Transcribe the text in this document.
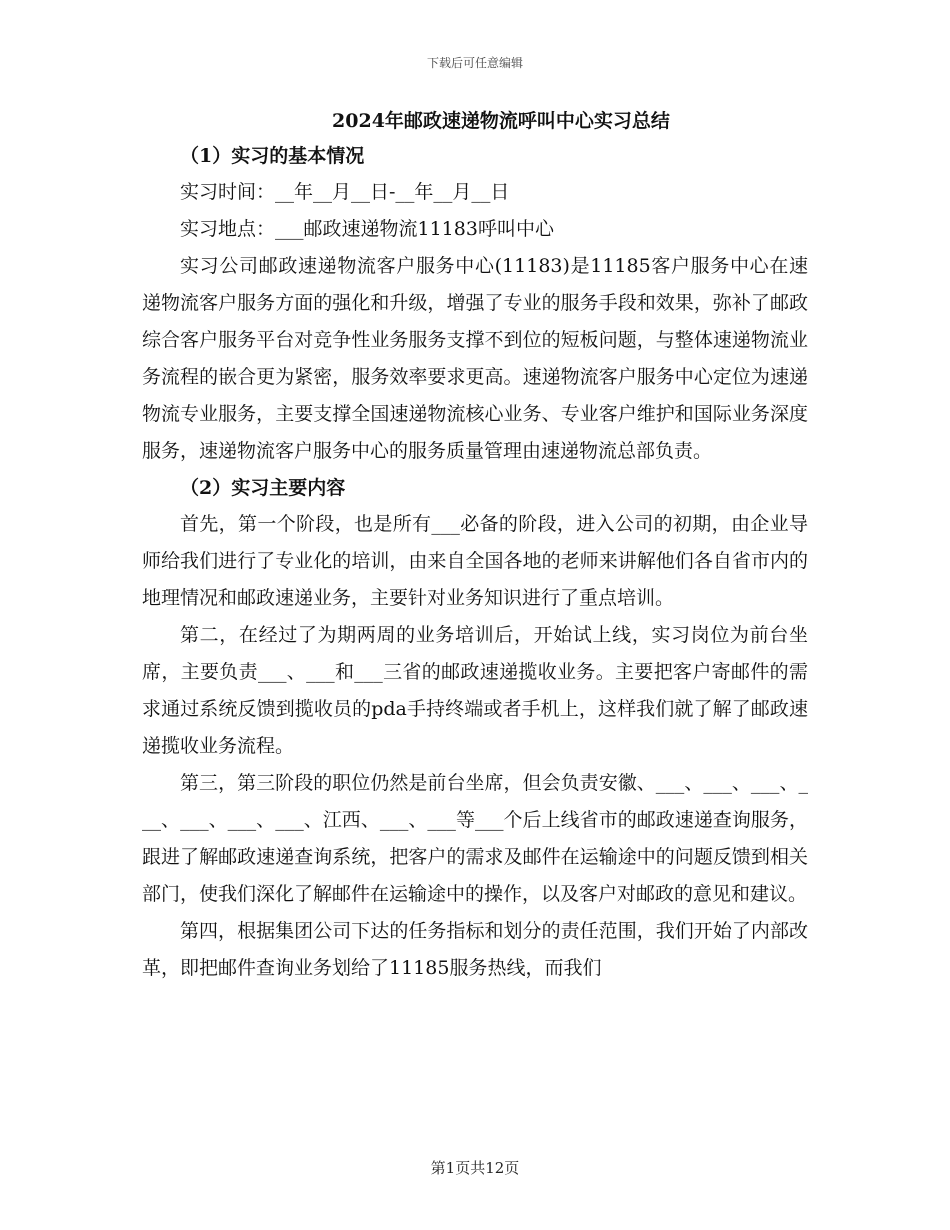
下载后可任意编辑

2024年邮政速递物流呼叫中心实习总结

（1）实习的基本情况

实习时间：__年__月__日-__年__月__日

实习地点：___邮政速递物流11183呼叫中心

实习公司邮政速递物流客户服务中心(11183)是11185客户服务中心在速递物流客户服务方面的强化和升级，增强了专业的服务手段和效果，弥补了邮政综合客户服务平台对竞争性业务服务支撑不到位的短板问题，与整体速递物流业务流程的嵌合更为紧密，服务效率要求更高。速递物流客户服务中心定位为速递物流专业服务，主要支撑全国速递物流核心业务、专业客户维护和国际业务深度服务，速递物流客户服务中心的服务质量管理由速递物流总部负责。

（2）实习主要内容

首先，第一个阶段，也是所有___必备的阶段，进入公司的初期，由企业导师给我们进行了专业化的培训，由来自全国各地的老师来讲解他们各自省市内的地理情况和邮政速递业务，主要针对业务知识进行了重点培训。

第二，在经过了为期两周的业务培训后，开始试上线，实习岗位为前台坐席，主要负责___、___和___三省的邮政速递揽收业务。主要把客户寄邮件的需求通过系统反馈到揽收员的pda手持终端或者手机上，这样我们就了解了邮政速递揽收业务流程。

第三，第三阶段的职位仍然是前台坐席，但会负责安徽、___、___、___、___、___、___、___、江西、___、___等___个后上线省市的邮政速递查询服务，跟进了解邮政速递查询系统，把客户的需求及邮件在运输途中的问题反馈到相关部门，使我们深化了解邮件在运输途中的操作，以及客户对邮政的意见和建议。

第四，根据集团公司下达的任务指标和划分的责任范围，我们开始了内部改革，即把邮件查询业务划给了11185服务热线，而我们

第1页共12页
